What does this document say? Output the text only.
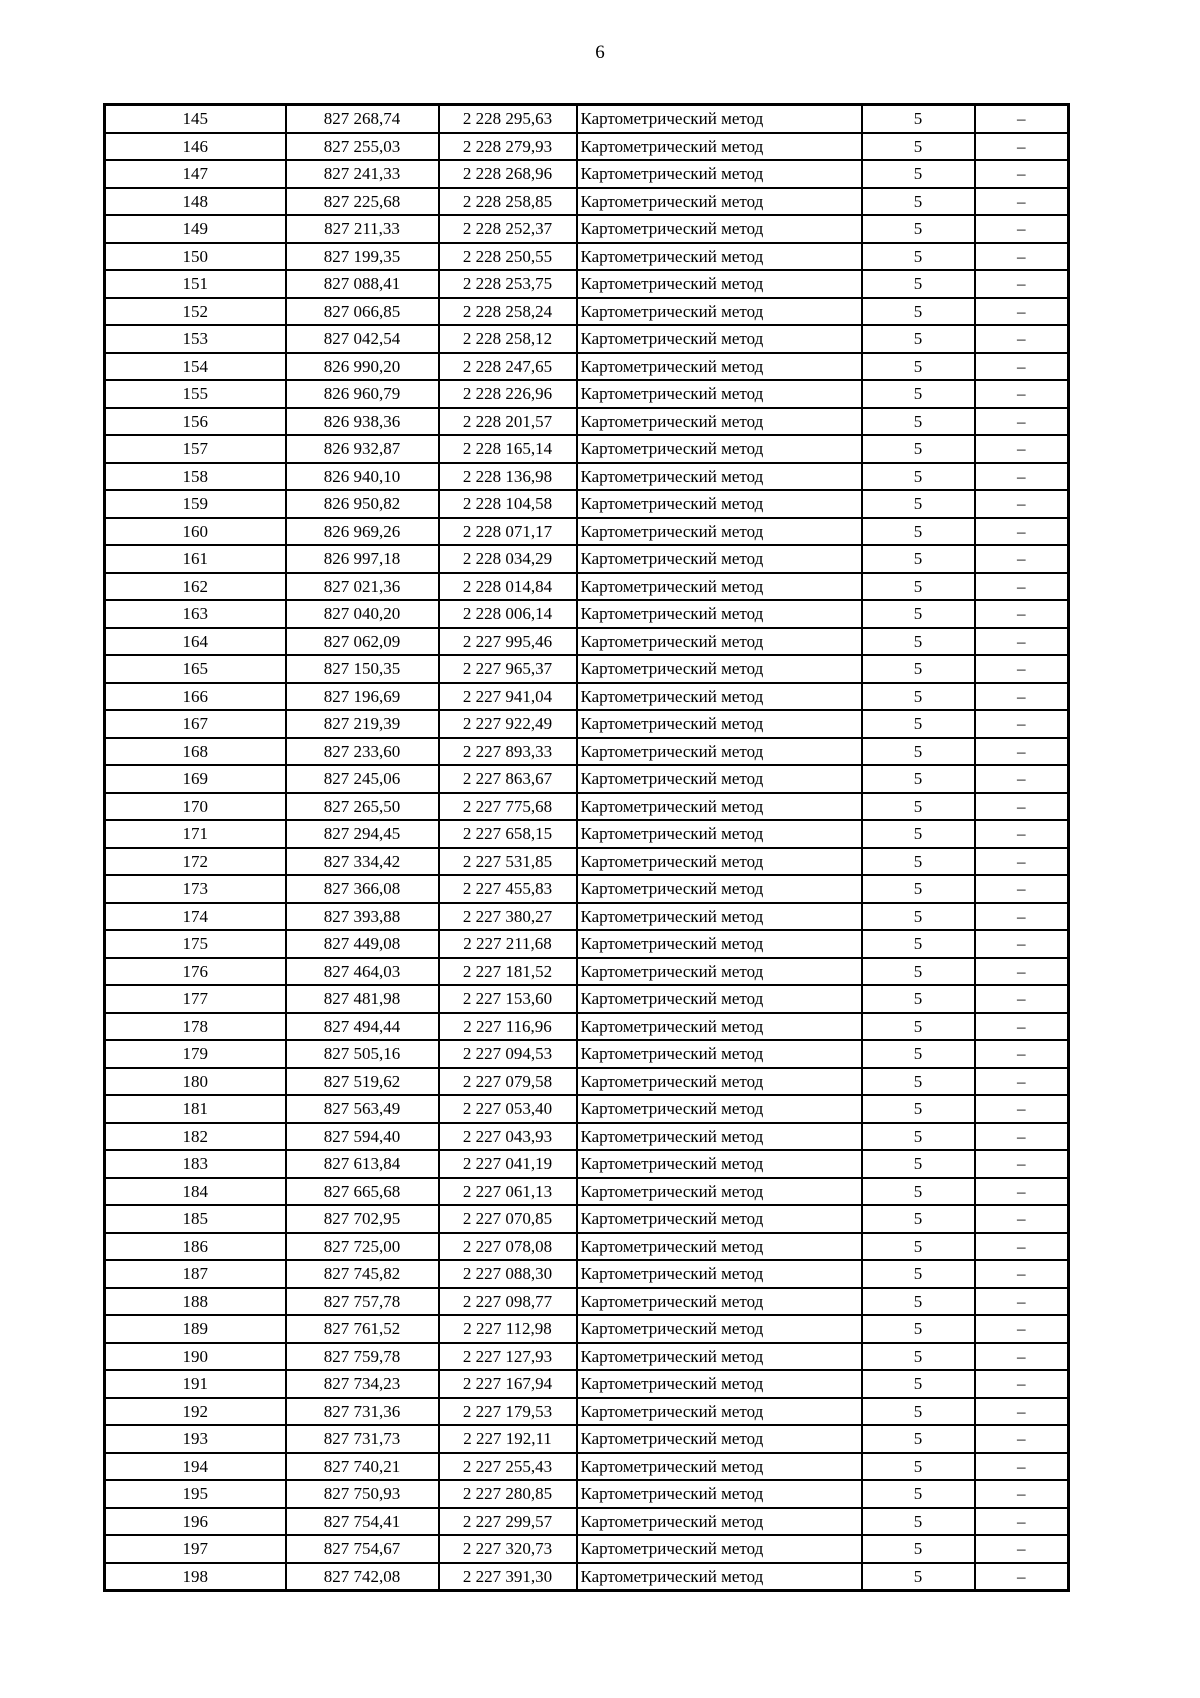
6
145	827 268,74	2 228 295,63	Картометрический метод	5	–
146	827 255,03	2 228 279,93	Картометрический метод	5	–
147	827 241,33	2 228 268,96	Картометрический метод	5	–
148	827 225,68	2 228 258,85	Картометрический метод	5	–
149	827 211,33	2 228 252,37	Картометрический метод	5	–
150	827 199,35	2 228 250,55	Картометрический метод	5	–
151	827 088,41	2 228 253,75	Картометрический метод	5	–
152	827 066,85	2 228 258,24	Картометрический метод	5	–
153	827 042,54	2 228 258,12	Картометрический метод	5	–
154	826 990,20	2 228 247,65	Картометрический метод	5	–
155	826 960,79	2 228 226,96	Картометрический метод	5	–
156	826 938,36	2 228 201,57	Картометрический метод	5	–
157	826 932,87	2 228 165,14	Картометрический метод	5	–
158	826 940,10	2 228 136,98	Картометрический метод	5	–
159	826 950,82	2 228 104,58	Картометрический метод	5	–
160	826 969,26	2 228 071,17	Картометрический метод	5	–
161	826 997,18	2 228 034,29	Картометрический метод	5	–
162	827 021,36	2 228 014,84	Картометрический метод	5	–
163	827 040,20	2 228 006,14	Картометрический метод	5	–
164	827 062,09	2 227 995,46	Картометрический метод	5	–
165	827 150,35	2 227 965,37	Картометрический метод	5	–
166	827 196,69	2 227 941,04	Картометрический метод	5	–
167	827 219,39	2 227 922,49	Картометрический метод	5	–
168	827 233,60	2 227 893,33	Картометрический метод	5	–
169	827 245,06	2 227 863,67	Картометрический метод	5	–
170	827 265,50	2 227 775,68	Картометрический метод	5	–
171	827 294,45	2 227 658,15	Картометрический метод	5	–
172	827 334,42	2 227 531,85	Картометрический метод	5	–
173	827 366,08	2 227 455,83	Картометрический метод	5	–
174	827 393,88	2 227 380,27	Картометрический метод	5	–
175	827 449,08	2 227 211,68	Картометрический метод	5	–
176	827 464,03	2 227 181,52	Картометрический метод	5	–
177	827 481,98	2 227 153,60	Картометрический метод	5	–
178	827 494,44	2 227 116,96	Картометрический метод	5	–
179	827 505,16	2 227 094,53	Картометрический метод	5	–
180	827 519,62	2 227 079,58	Картометрический метод	5	–
181	827 563,49	2 227 053,40	Картометрический метод	5	–
182	827 594,40	2 227 043,93	Картометрический метод	5	–
183	827 613,84	2 227 041,19	Картометрический метод	5	–
184	827 665,68	2 227 061,13	Картометрический метод	5	–
185	827 702,95	2 227 070,85	Картометрический метод	5	–
186	827 725,00	2 227 078,08	Картометрический метод	5	–
187	827 745,82	2 227 088,30	Картометрический метод	5	–
188	827 757,78	2 227 098,77	Картометрический метод	5	–
189	827 761,52	2 227 112,98	Картометрический метод	5	–
190	827 759,78	2 227 127,93	Картометрический метод	5	–
191	827 734,23	2 227 167,94	Картометрический метод	5	–
192	827 731,36	2 227 179,53	Картометрический метод	5	–
193	827 731,73	2 227 192,11	Картометрический метод	5	–
194	827 740,21	2 227 255,43	Картометрический метод	5	–
195	827 750,93	2 227 280,85	Картометрический метод	5	–
196	827 754,41	2 227 299,57	Картометрический метод	5	–
197	827 754,67	2 227 320,73	Картометрический метод	5	–
198	827 742,08	2 227 391,30	Картометрический метод	5	–
